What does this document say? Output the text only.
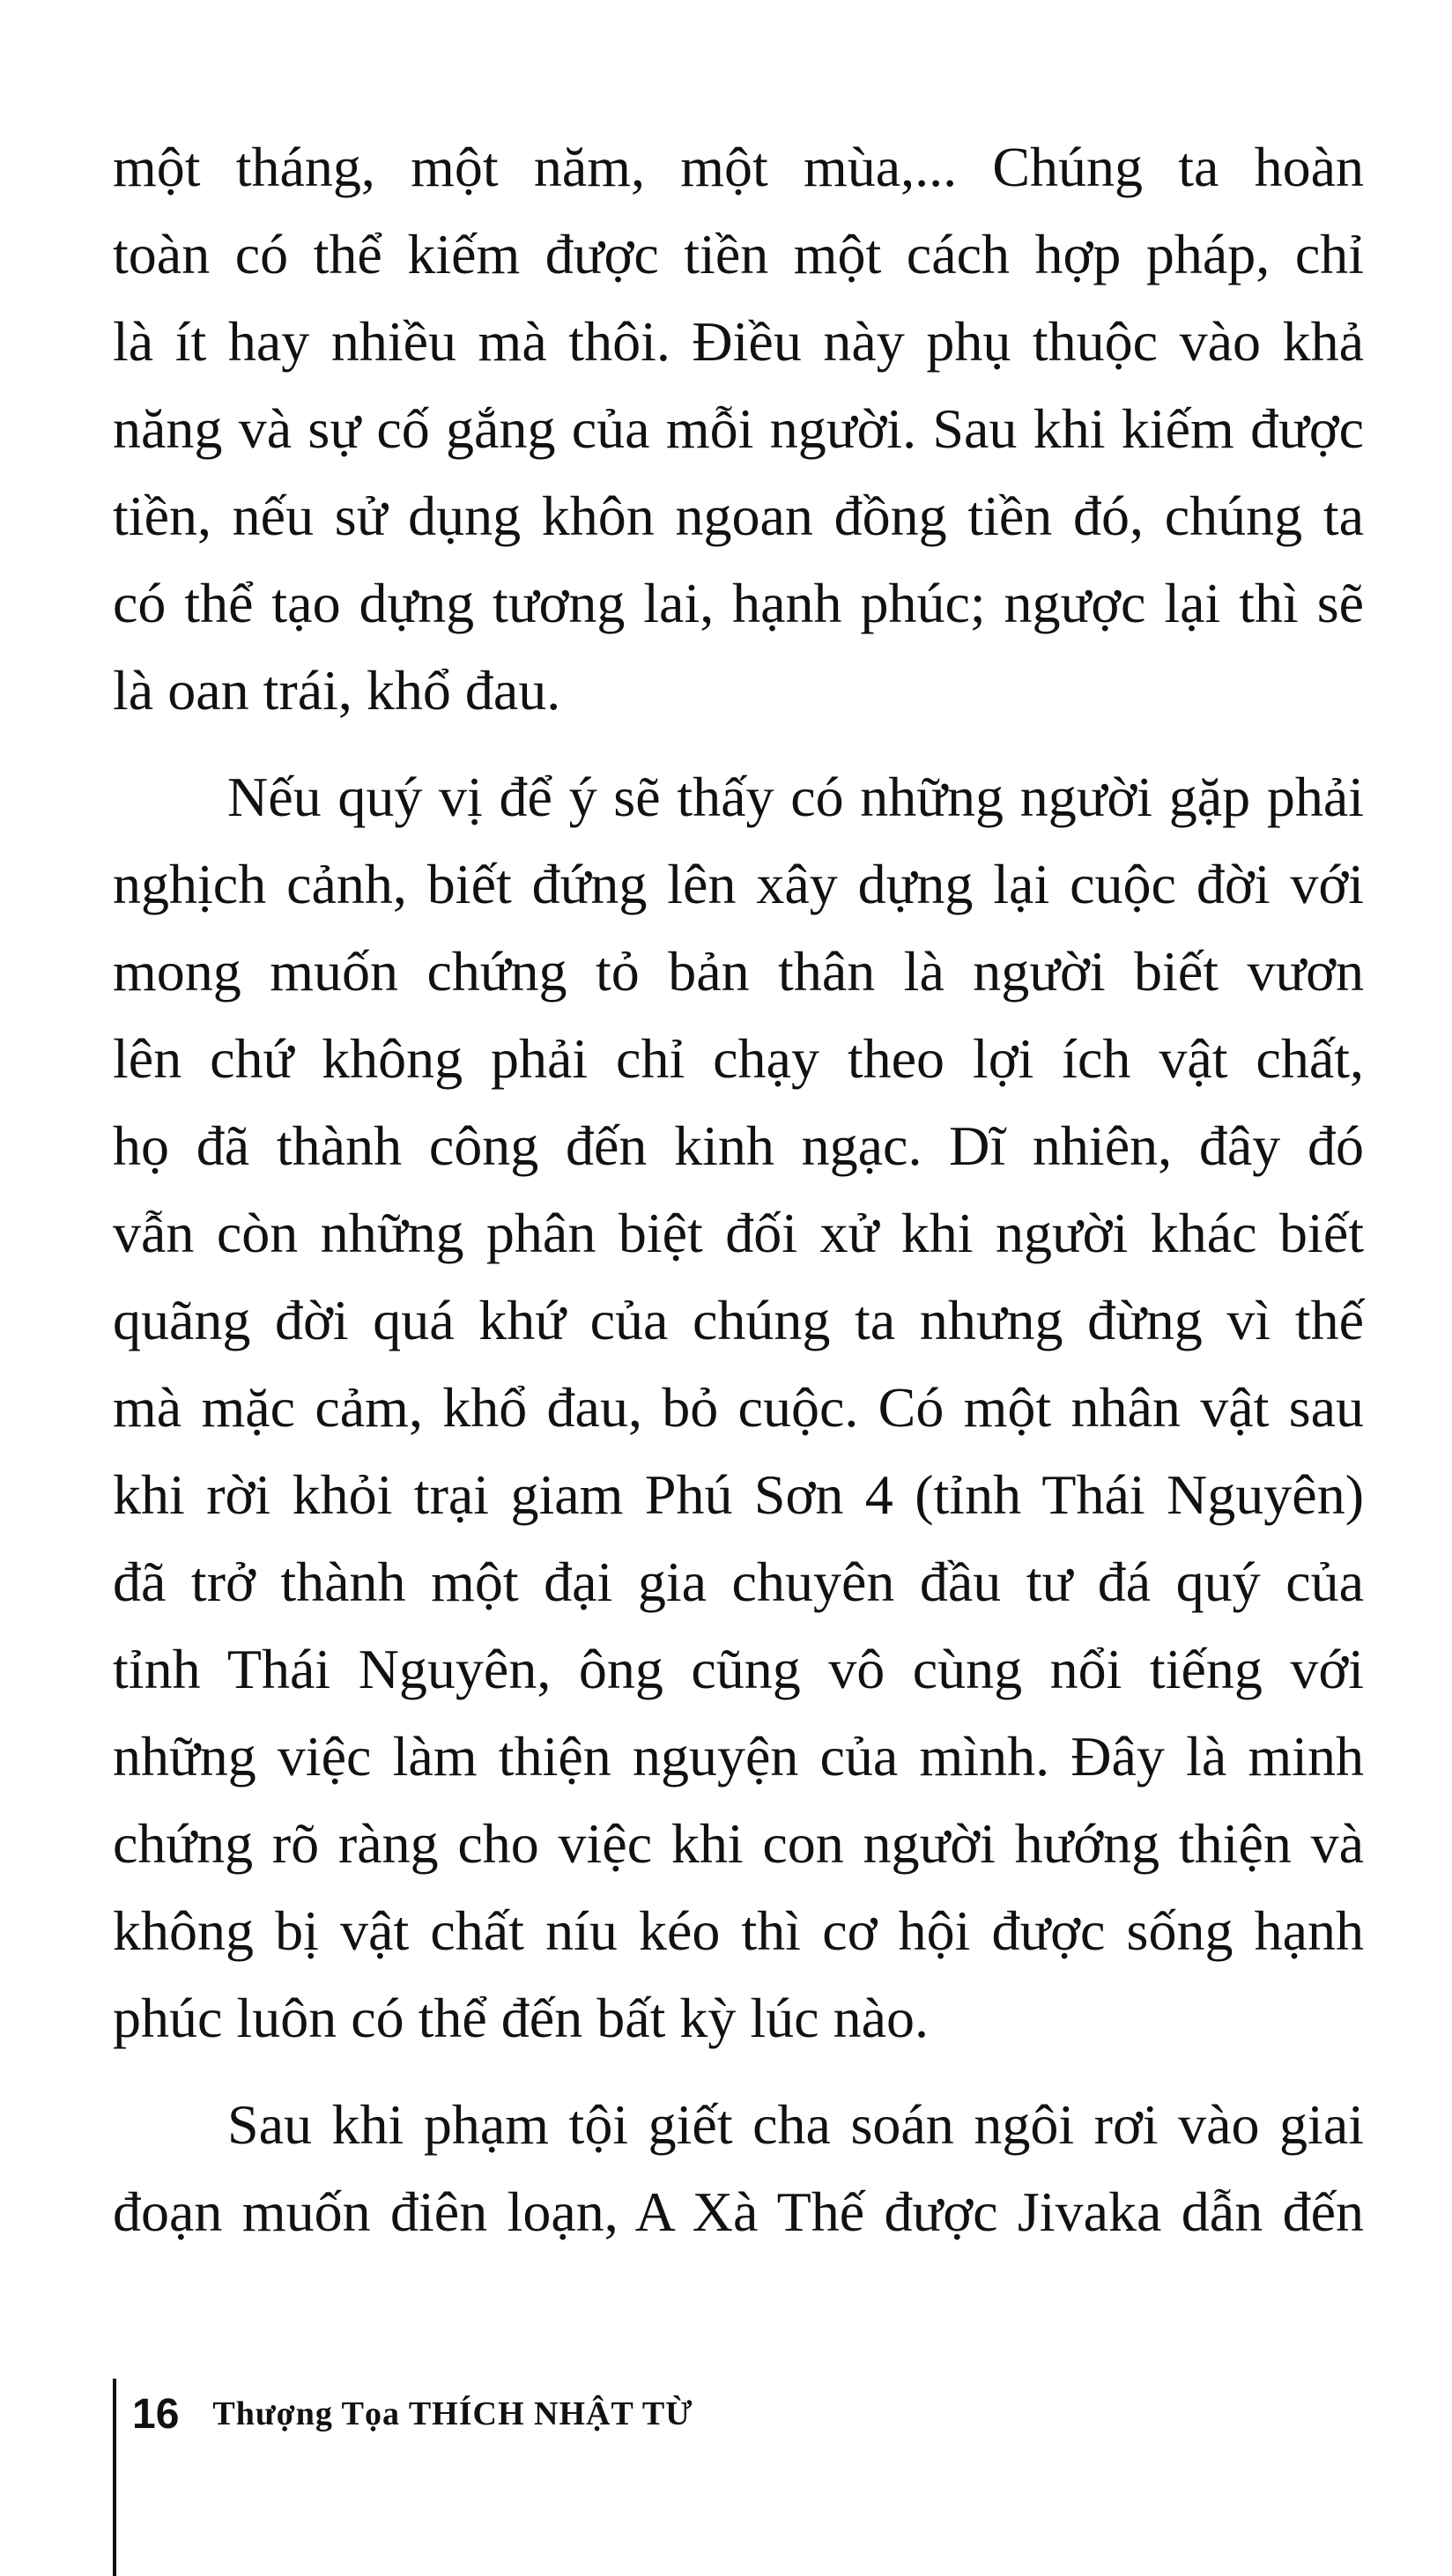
một tháng, một năm, một mùa,... Chúng ta hoàn
toàn có thể kiếm được tiền một cách hợp pháp, chỉ
là ít hay nhiều mà thôi. Điều này phụ thuộc vào khả
năng và sự cố gắng của mỗi người. Sau khi kiếm được
tiền, nếu sử dụng khôn ngoan đồng tiền đó, chúng ta
có thể tạo dựng tương lai, hạnh phúc; ngược lại thì sẽ
là oan trái, khổ đau.
Nếu quý vị để ý sẽ thấy có những người gặp phải
nghịch cảnh, biết đứng lên xây dựng lại cuộc đời với
mong muốn chứng tỏ bản thân là người biết vươn
lên chứ không phải chỉ chạy theo lợi ích vật chất,
họ đã thành công đến kinh ngạc. Dĩ nhiên, đây đó
vẫn còn những phân biệt đối xử khi người khác biết
quãng đời quá khứ của chúng ta nhưng đừng vì thế
mà mặc cảm, khổ đau, bỏ cuộc. Có một nhân vật sau
khi rời khỏi trại giam Phú Sơn 4 (tỉnh Thái Nguyên)
đã trở thành một đại gia chuyên đầu tư đá quý của
tỉnh Thái Nguyên, ông cũng vô cùng nổi tiếng với
những việc làm thiện nguyện của mình. Đây là minh
chứng rõ ràng cho việc khi con người hướng thiện và
không bị vật chất níu kéo thì cơ hội được sống hạnh
phúc luôn có thể đến bất kỳ lúc nào.
Sau khi phạm tội giết cha soán ngôi rơi vào giai
đoạn muốn điên loạn, A Xà Thế được Jivaka dẫn đến
16 Thượng Tọa THÍCH NHẬT TỪ
